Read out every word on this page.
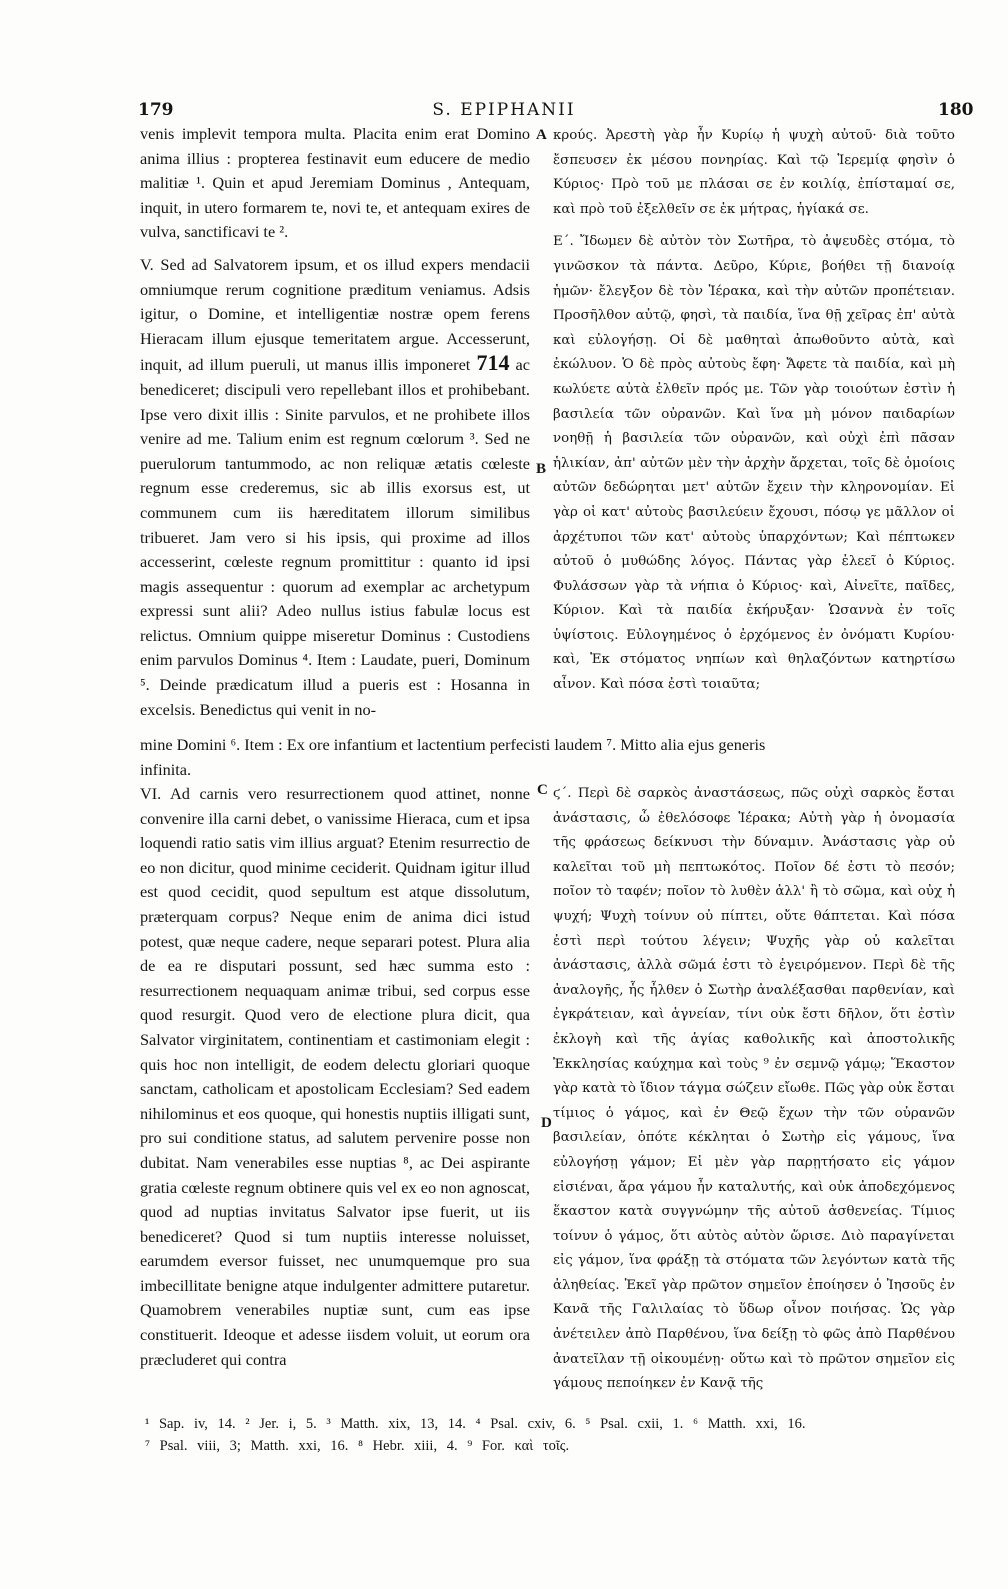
179	S. EPIPHANII	180

venis implevit tempora multa. Placita enim erat Domino anima illius : propterea festinavit eum educere de medio malitiæ ¹. Quin et apud Jeremiam Dominus , Antequam, inquit, in utero formarem te, novi te, et antequam exires de vulva, sanctificavi te ².

V. Sed ad Salvatorem ipsum, et os illud expers mendacii omniumque rerum cognitione præditum veniamus. Adsis igitur, o Domine, et intelligentiæ nostræ opem ferens Hieracam illum ejusque temeritatem argue. Accesserunt, inquit, ad illum pueruli, ut manus illis imponeret 714 ac benediceret; discipuli vero repellebant illos et prohibebant. Ipse vero dixit illis : Sinite parvulos, et ne prohibete illos venire ad me. Talium enim est regnum cœlorum ³. Sed ne puerulorum tantummodo, ac non reliquæ ætatis cœleste regnum esse crederemus, sic ab illis exorsus est, ut communem cum iis hæreditatem illorum similibus tribueret. Jam vero si his ipsis, qui proxime ad illos accesserint, cœleste regnum promittitur : quanto id ipsi magis assequentur : quorum ad exemplar ac archetypum expressi sunt alii? Adeo nullus istius fabulæ locus est relictus. Omnium quippe miseretur Dominus : Custodiens enim parvulos Dominus ⁴. Item : Laudate, pueri, Dominum ⁵. Deinde prædicatum illud a pueris est : Hosanna in excelsis. Benedictus qui venit in no-

κρούς. Ἀρεστὴ γὰρ ἦν Κυρίῳ ἡ ψυχὴ αὐτοῦ· διὰ τοῦτο ἔσπευσεν ἐκ μέσου πονηρίας. Καὶ τῷ Ἱερεμίᾳ φησὶν ὁ Κύριος· Πρὸ τοῦ με πλάσαι σε ἐν κοιλίᾳ, ἐπίσταμαί σε, καὶ πρὸ τοῦ ἐξελθεῖν σε ἐκ μήτρας, ἡγίακά σε.

Ε΄. Ἴδωμεν δὲ αὐτὸν τὸν Σωτῆρα, τὸ ἀψευδὲς στόμα, τὸ γινῶσκον τὰ πάντα. Δεῦρο, Κύριε, βοήθει τῇ διανοίᾳ ἡμῶν· ἔλεγξον δὲ τὸν Ἱέρακα, καὶ τὴν αὐτῶν προπέτειαν. Προσῆλθον αὐτῷ, φησὶ, τὰ παιδία, ἵνα θῇ χεῖρας ἐπ' αὐτὰ καὶ εὐλογήσῃ. Οἱ δὲ μαθηταὶ ἀπωθοῦντο αὐτὰ, καὶ ἐκώλυον. Ὁ δὲ πρὸς αὐτοὺς ἔφη· Ἄφετε τὰ παιδία, καὶ μὴ κωλύετε αὐτὰ ἐλθεῖν πρός με. Τῶν γὰρ τοιούτων ἐστὶν ἡ βασιλεία τῶν οὐρανῶν. Καὶ ἵνα μὴ μόνον παιδαρίων νοηθῇ ἡ βασιλεία τῶν οὐρανῶν, καὶ οὐχὶ ἐπὶ πᾶσαν ἡλικίαν, ἀπ' αὐτῶν μὲν τὴν ἀρχὴν ἄρχεται, τοῖς δὲ ὁμοίοις αὐτῶν δεδώρηται μετ' αὐτῶν ἔχειν τὴν κληρονομίαν. Εἰ γὰρ οἱ κατ' αὐτοὺς βασιλεύειν ἔχουσι, πόσῳ γε μᾶλλον οἱ ἀρχέτυποι τῶν κατ' αὐτοὺς ὑπαρχόντων; Καὶ πέπτωκεν αὐτοῦ ὁ μυθώδης λόγος. Πάντας γὰρ ἐλεεῖ ὁ Κύριος. Φυλάσσων γὰρ τὰ νήπια ὁ Κύριος· καὶ, Αἰνεῖτε, παῖδες, Κύριον. Καὶ τὰ παιδία ἐκήρυξαν· Ὡσαννὰ ἐν τοῖς ὑψίστοις. Εὐλογημένος ὁ ἐρχόμενος ἐν ὀνόματι Κυρίου· καὶ, Ἐκ στόματος νηπίων καὶ θηλαζόντων κατηρτίσω αἶνον. Καὶ πόσα ἐστὶ τοιαῦτα;

A
B
C
D
mine Domini ⁶. Item : Ex ore infantium et lactentium perfecisti laudem ⁷. Mitto alia ejus generis
infinita.

VI. Ad carnis vero resurrectionem quod attinet, nonne convenire illa carni debet, o vanissime Hieraca, cum et ipsa loquendi ratio satis vim illius arguat? Etenim resurrectio de eo non dicitur, quod minime ceciderit. Quidnam igitur illud est quod cecidit, quod sepultum est atque dissolutum, præterquam corpus? Neque enim de anima dici istud potest, quæ neque cadere, neque separari potest. Plura alia de ea re disputari possunt, sed hæc summa esto : resurrectionem nequaquam animæ tribui, sed corpus esse quod resurgit. Quod vero de electione plura dicit, qua Salvator virginitatem, continentiam et castimoniam elegit : quis hoc non intelligit, de eodem delectu gloriari quoque sanctam, catholicam et apostolicam Ecclesiam? Sed eadem nihilominus et eos quoque, qui honestis nuptiis illigati sunt, pro sui conditione status, ad salutem pervenire posse non dubitat. Nam venerabiles esse nuptias ⁸, ac Dei aspirante gratia cœleste regnum obtinere quis vel ex eo non agnoscat, quod ad nuptias invitatus Salvator ipse fuerit, ut iis benediceret? Quod si tum nuptiis interesse noluisset, earumdem eversor fuisset, nec unumquemque pro sua imbecillitate benigne atque indulgenter admittere putaretur. Quamobrem venerabiles nuptiæ sunt, cum eas ipse constituerit. Ideoque et adesse iisdem voluit, ut eorum ora præcluderet qui contra

ϛ΄. Περὶ δὲ σαρκὸς ἀναστάσεως, πῶς οὐχὶ σαρκὸς ἔσται ἀνάστασις, ὦ ἐθελόσοφε Ἱέρακα; Αὐτὴ γὰρ ἡ ὀνομασία τῆς φράσεως δείκνυσι τὴν δύναμιν. Ἀνάστασις γὰρ οὐ καλεῖται τοῦ μὴ πεπτωκότος. Ποῖον δέ ἐστι τὸ πεσόν; ποῖον τὸ ταφέν; ποῖον τὸ λυθὲν ἀλλ' ἢ τὸ σῶμα, καὶ οὐχ ἡ ψυχή; Ψυχὴ τοίνυν οὐ πίπτει, οὔτε θάπτεται. Καὶ πόσα ἐστὶ περὶ τούτου λέγειν; Ψυχῆς γὰρ οὐ καλεῖται ἀνάστασις, ἀλλὰ σῶμά ἐστι τὸ ἐγειρόμενον. Περὶ δὲ τῆς ἀναλογῆς, ἧς ἦλθεν ὁ Σωτὴρ ἀναλέξασθαι παρθενίαν, καὶ ἐγκράτειαν, καὶ ἁγνείαν, τίνι οὐκ ἔστι δῆλον, ὅτι ἐστὶν ἐκλογὴ καὶ τῆς ἁγίας καθολικῆς καὶ ἀποστολικῆς Ἐκκλησίας καύχημα καὶ τοὺς ⁹ ἐν σεμνῷ γάμῳ; Ἕκαστον γὰρ κατὰ τὸ ἴδιον τάγμα σώζειν εἴωθε. Πῶς γὰρ οὐκ ἔσται τίμιος ὁ γάμος, καὶ ἐν Θεῷ ἔχων τὴν τῶν οὐρανῶν βασιλείαν, ὁπότε κέκληται ὁ Σωτὴρ εἰς γάμους, ἵνα εὐλογήσῃ γάμον; Εἰ μὲν γὰρ παρῃτήσατο εἰς γάμον εἰσιέναι, ἄρα γάμου ἦν καταλυτής, καὶ οὐκ ἀποδεχόμενος ἕκαστον κατὰ συγγνώμην τῆς αὐτοῦ ἀσθενείας. Τίμιος τοίνυν ὁ γάμος, ὅτι αὐτὸς αὐτὸν ὥρισε. Διὸ παραγίνεται εἰς γάμον, ἵνα φράξῃ τὰ στόματα τῶν λεγόντων κατὰ τῆς ἀληθείας. Ἐκεῖ γὰρ πρῶτον σημεῖον ἐποίησεν ὁ Ἰησοῦς ἐν Κανᾶ τῆς Γαλιλαίας τὸ ὕδωρ οἶνον ποιήσας. Ὡς γὰρ ἀνέτειλεν ἀπὸ Παρθένου, ἵνα δείξῃ τὸ φῶς ἀπὸ Παρθένου ἀνατεῖλαν τῇ οἰκουμένῃ· οὕτω καὶ τὸ πρῶτον σημεῖον εἰς γάμους πεποίηκεν ἐν Κανᾷ τῆς

¹ Sap. iv, 14. ² Jer. i, 5. ³ Matth. xix, 13, 14. ⁴ Psal. cxiv, 6. ⁵ Psal. cxii, 1. ⁶ Matth. xxi, 16.
⁷ Psal. viii, 3; Matth. xxi, 16. ⁸ Hebr. xiii, 4. ⁹ For. καὶ τοῖς.
